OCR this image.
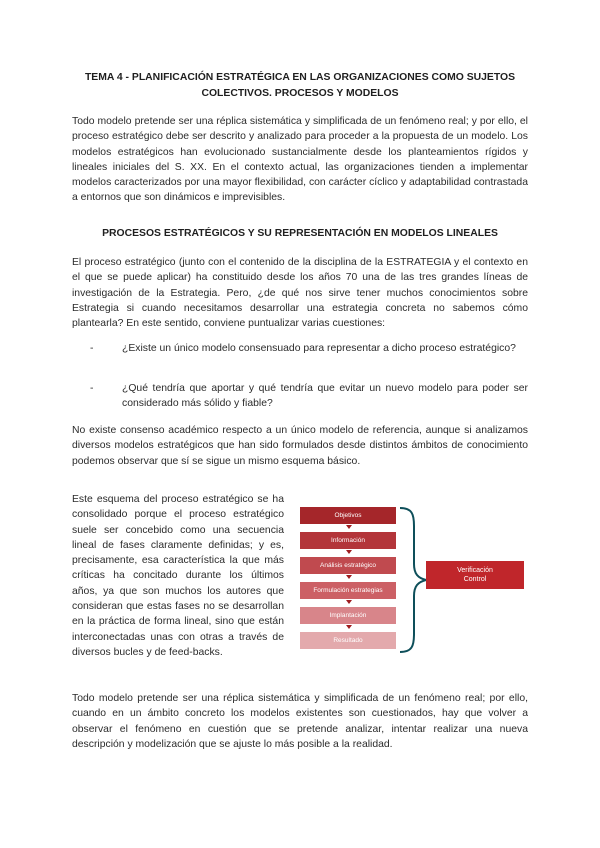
TEMA 4 - PLANIFICACIÓN ESTRATÉGICA EN LAS ORGANIZACIONES COMO SUJETOS
COLECTIVOS. PROCESOS Y MODELOS

Todo modelo pretende ser una réplica sistemática y simplificada de un fenómeno real; y por ello, el proceso estratégico debe ser descrito y analizado para proceder a la propuesta de un modelo. Los modelos estratégicos han evolucionado sustancialmente desde los planteamientos rígidos y lineales iniciales del S. XX. En el contexto actual, las organizaciones tienden a implementar modelos caracterizados por una mayor flexibilidad, con carácter cíclico y adaptabilidad contrastada a entornos que son dinámicos e imprevisibles.

PROCESOS ESTRATÉGICOS Y SU REPRESENTACIÓN EN MODELOS LINEALES

El proceso estratégico (junto con el contenido de la disciplina de la ESTRATEGIA y el contexto en el que se puede aplicar) ha constituido desde los años 70 una de las tres grandes líneas de investigación de la Estrategia. Pero, ¿de qué nos sirve tener muchos conocimientos sobre Estrategia si cuando necesitamos desarrollar una estrategia concreta no sabemos cómo plantearla? En este sentido, conviene puntualizar varias cuestiones:

-	¿Existe un único modelo consensuado para representar a dicho proceso estratégico?
-	¿Qué tendría que aportar y qué tendría que evitar un nuevo modelo para poder ser considerado más sólido y fiable?

No existe consenso académico respecto a un único modelo de referencia, aunque si analizamos diversos modelos estratégicos que han sido formulados desde distintos ámbitos de conocimiento podemos observar que sí se sigue un mismo esquema básico.

Este esquema del proceso estratégico se ha consolidado porque el proceso estratégico suele ser concebido como una secuencia lineal de fases claramente definidas; y es, precisamente, esa característica la que más críticas ha concitado durante los últimos años, ya que son muchos los autores que consideran que estas fases no se desarrollan en la práctica de forma lineal, sino que están interconectadas unas con otras a través de diversos bucles y de feed-backs.

Objetivos
Información
Análisis estratégico
Formulación estrategias
Implantación
Resultado
Verificación
Control

Todo modelo pretende ser una réplica sistemática y simplificada de un fenómeno real; por ello, cuando en un ámbito concreto los modelos existentes son cuestionados, hay que volver a observar el fenómeno en cuestión que se pretende analizar, intentar realizar una nueva descripción y modelización que se ajuste lo más posible a la realidad.
